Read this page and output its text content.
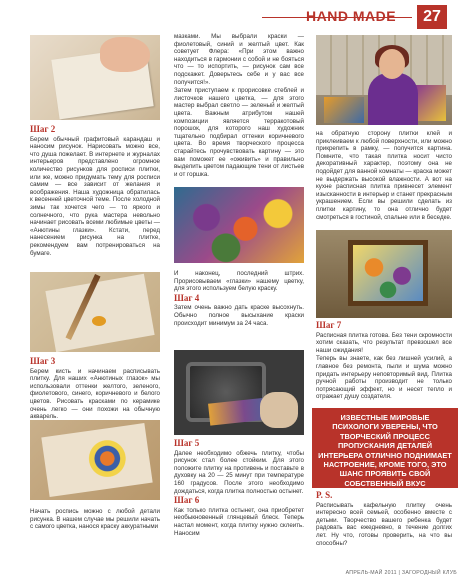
HAND MADE	27
Шаг 2

Берем обычный графитовый карандаш и наносим рисунок. Нарисовать можно все, что душа пожелает. В интернете и журналах интерьеров представлено огромное количество рисунков для росписи плитки, или же, можно придумать тему для росписи самим — все зависит от желания и воображения. Наша художница обратилась к весенней цветочной теме. После холодной зимы так хочется чего — то яркого и солнечного, что рука мастера невольно начинает рисовать всеми любимые цветы — «Анютины глазки». Кстати, перед нанесением рисунка на плитке, рекомендуем вам потренироваться на бумаге.

Шаг 3

Берем кисть и начинаем расписывать плитку. Для наших «Анютиных глазок» мы использовали оттенки желтого, зеленого, фиолетового, синего, коричневого и белого цветов. Рисовать красками по керамике очень легко — они похожи на обычную акварель.

Начать роспись можно с любой детали рисунка. В нашем случае мы решили начать с самого цветка, нанося краску аккуратными

мазками. Мы выбрали краски — фиолетовый, синий и желтый цвет. Как советует Флера: «При этом важно находиться в гармонии с собой и не бояться что — то испортить, — рисунок сам все подскажет. Доверьтесь себе и у вас все получится!».

Затем приступаем к прорисовке стеблей и листочков нашего цветка, — для этого мастер выбрал светло — зеленый и желтый цвета. Важным атрибутом нашей композиции является терракотовый порошок, для которого наш художник тщательно подбирал оттенки коричневого цвета. Во время творческого процесса старайтесь прочувствовать картину — это вам поможет ее «оживить» и правильно выделить цветом падающие тени от листьев и от горшка.

И наконец, последний штрих. Прорисовываем «глазки» нашему цветку, для этого используем белую краску.

Шаг 4

Затем очень важно дать краске высохнуть. Обычно полное высыхание краски происходит минимум за 24 часа.

Шаг 5

Далее необходимо обжечь плитку, чтобы рисунок стал более стойким. Для этого положите плитку на противень и поставьте в духовку на 20 — 25 минут при температуре 160 градусов. После этого необходимо дождаться, когда плитка полностью остынет.

Шаг 6

Как только плитка остынет, она приобретет необыкновенный глянцевый блеск. Теперь настал момент, когда плитку нужно склеить. Наносим

на обратную сторону плитки клей и приклеиваем к любой поверхности, или можно прикрепить в рамку, — получится картина. Помните, что такая плитка носит чисто декоративный характер, поэтому она не подойдет для ванной комнаты — краска может не выдержать высокой влажности. А вот на кухне расписная плитка привнесет элемент изысканности в интерьер и станет прекрасным украшением. Если вы решили сделать из плитки картину, то она отлично будет смотреться в гостиной, спальне или в беседке.

Шаг 7

Расписная плитка готова. Без тени скромности хотим сказать, что результат превзошел все наши ожидания!

Теперь вы знаете, как без лишней усилий, а главное без ремонта, пыли и шума можно придать интерьеру неповторимый вид. Плитка ручной работы производит не только потрясающий эффект, но и несет тепло и отражает душу создателя.

ИЗВЕСТНЫЕ МИРОВЫЕ ПСИХОЛОГИ УВЕРЕНЫ, ЧТО ТВОРЧЕСКИЙ ПРОЦЕСС ПРОПУСКАНИЯ ДЕТАЛЕЙ ИНТЕРЬЕРА ОТЛИЧНО ПОДНИМАЕТ НАСТРОЕНИЕ, КРОМЕ ТОГО, ЭТО ШАНС ПРОЯВИТЬ СВОЙ СОБСТВЕННЫЙ ВКУС
P. S.

Расписывать кафельную плитку очень интересно всей семьей, особенно вместе с детьми. Творчество вашего ребенка будет радовать вас ежедневно, в течение долгих лет. Ну что, готовы проверить, на что вы способны?

АПРЕЛЬ-МАЙ 2011 | ЗАГОРОДНЫЙ КЛУБ
